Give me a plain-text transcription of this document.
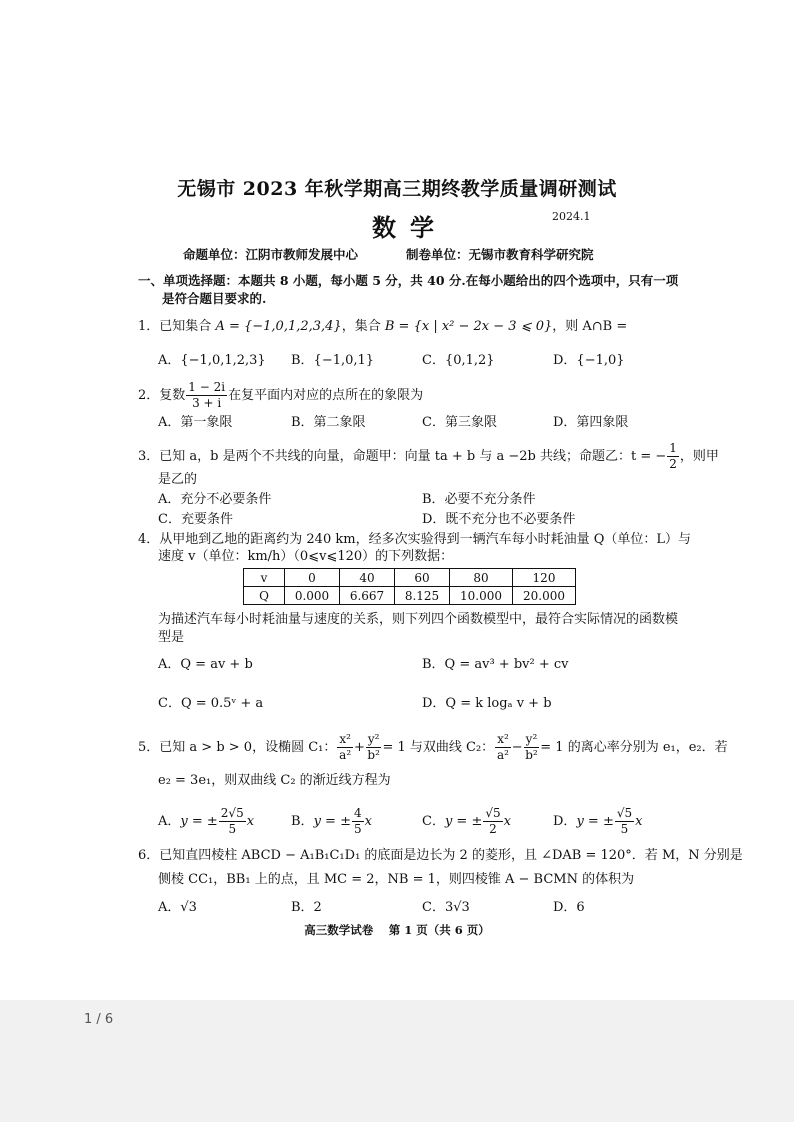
无锡市 2023 年秋学期高三期终教学质量调研测试
数学	2024.1
命题单位：江阴市教师发展中心	制卷单位：无锡市教育科学研究院
一、单项选择题：本题共 8 小题，每小题 5 分，共 40 分.在每小题给出的四个选项中，只有一项
是符合题目要求的.
1．已知集合 A = {−1,0,1,2,3,4}，集合 B = {x | x² − 2x − 3 ⩽ 0}，则 A∩B =
A．{−1,0,1,2,3} B．{−1,0,1}	C．{0,1,2}	D．{−1,0}
2．复数 $\frac{1 - 2i}{3 + i}$ 在复平面内对应的点所在的象限为
A．第一象限	B．第二象限	C．第三象限	D．第四象限
3．已知 a，b 是两个不共线的向量，命题甲：向量 ta + b 与 a −2b 共线；命题乙：t = − $\frac{1}{2}$ ，则甲
是乙的
A．充分不必要条件	B．必要不充分条件
C．充要条件	D．既不充分也不必要条件
4．从甲地到乙地的距离约为 240 km，经多次实验得到一辆汽车每小时耗油量 Q（单位：L）与
速度 v（单位：km/h）（0⩽v⩽120）的下列数据：
v	0	40	60	80	120
Q	0.000	6.667	8.125	10.000	20.000
为描述汽车每小时耗油量与速度的关系，则下列四个函数模型中，最符合实际情况的函数模
型是
A．Q = av + b	B．Q = av³ + bv² + cv
C．Q = 0.5ᵛ + a	D．Q = k logₐ v + b
5．已知 a > b > 0，设椭圆 C₁： $\frac{\text{x²}}{\text{a²}} + \frac{\text{y²}}{\text{b²}} = 1$ 与双曲线 C₂： $\frac{\text{x²}}{\text{a²}} - \frac{\text{y²}}{\text{b²}} = 1$ 的离心率分别为 e₁，e₂．若
e₂ = 3e₁，则双曲线 C₂ 的渐近线方程为
A．y = ± $\frac{2√5}{5}$ x	B．y = ± $\frac{4}{5}$ x	C．y = ± $\frac{√5}{2}$ x	D．y = ± $\frac{√5}{5}$ x
6．已知直四棱柱 ABCD − A₁B₁C₁D₁ 的底面是边长为 2 的菱形，且 ∠DAB = 120°．若 M，N 分别是
侧棱 CC₁，BB₁ 上的点，且 MC = 2，NB = 1，则四棱锥 A − BCMN 的体积为
A．√3	B．2	C．3√3	D．6
高三数学试卷　 第 1 页（共 6 页）
1 / 6
